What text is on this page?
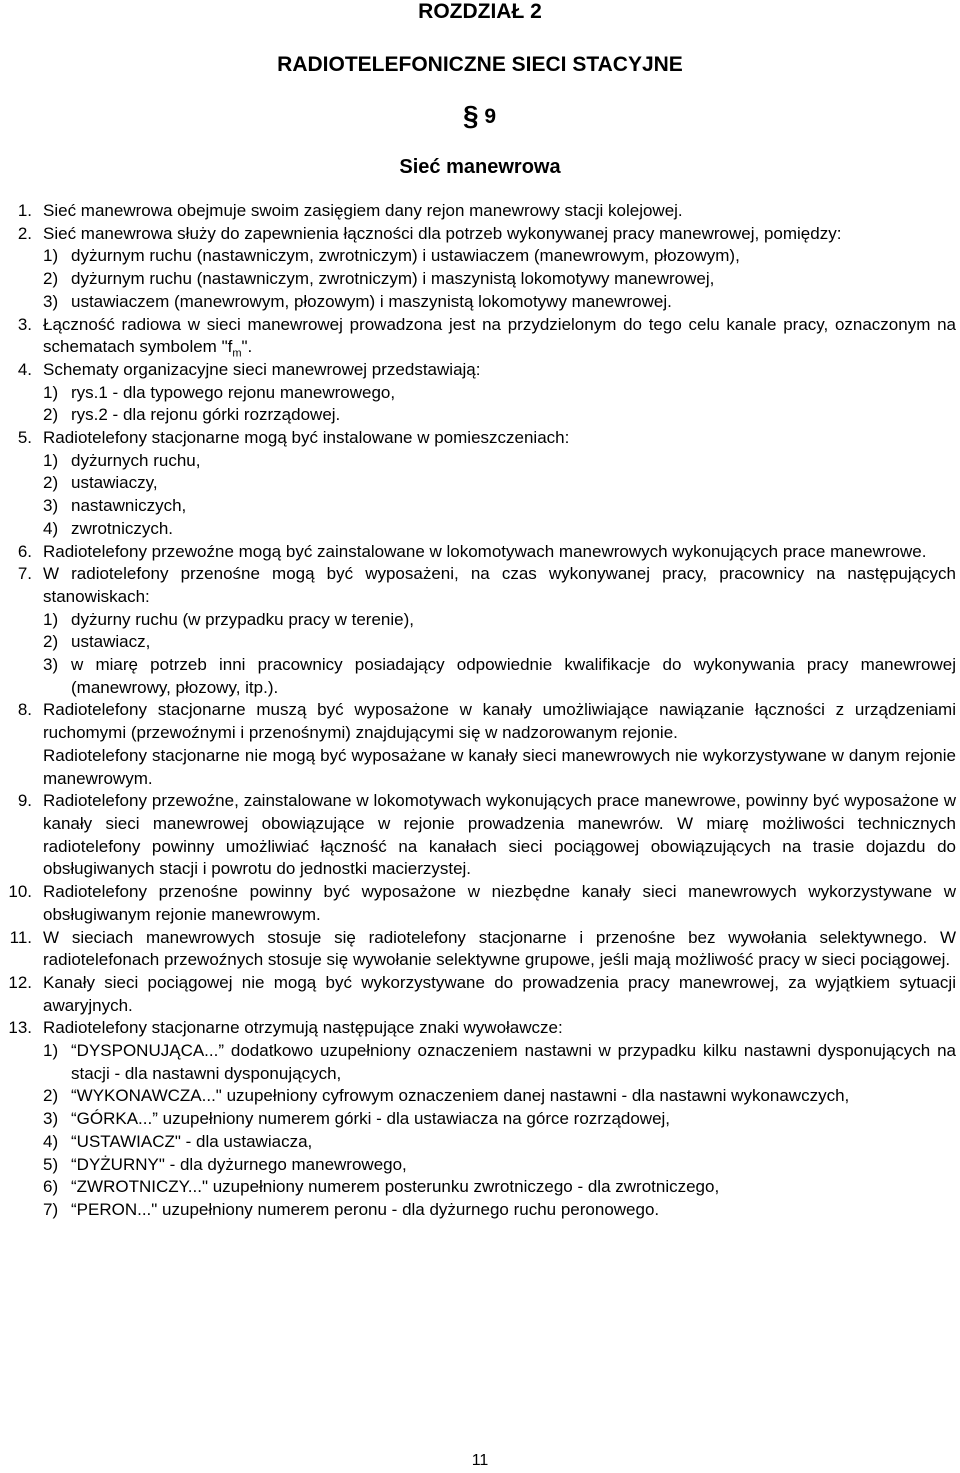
ROZDZIAŁ 2
RADIOTELEFONICZNE SIECI STACYJNE
§ 9
Sieć manewrowa
1. Sieć manewrowa obejmuje swoim zasięgiem dany rejon manewrowy stacji kolejowej.
2. Sieć manewrowa służy do zapewnienia łączności dla potrzeb wykonywanej pracy manewrowej, pomiędzy:
1) dyżurnym ruchu (nastawniczym, zwrotniczym) i ustawiaczem (manewrowym, płozowym),
2) dyżurnym ruchu (nastawniczym, zwrotniczym) i maszynistą lokomotywy manewrowej,
3) ustawiaczem (manewrowym, płozowym) i maszynistą lokomotywy manewrowej.
3. Łączność radiowa w sieci manewrowej prowadzona jest na przydzielonym do tego celu kanale pracy, oznaczonym na schematach symbolem "$f_m$".
4. Schematy organizacyjne sieci manewrowej przedstawiają:
1) rys.1 - dla typowego rejonu manewrowego,
2) rys.2 - dla rejonu górki rozrządowej.
5. Radiotelefony stacjonarne mogą być instalowane w pomieszczeniach:
1) dyżurnych ruchu,
2) ustawiaczy,
3) nastawniczych,
4) zwrotniczych.
6. Radiotelefony przewoźne mogą być zainstalowane w lokomotywach manewrowych wykonujących prace manewrowe.
7. W radiotelefony przenośne mogą być wyposażeni, na czas wykonywanej pracy, pracownicy na następujących stanowiskach:
1) dyżurny ruchu (w przypadku pracy w terenie),
2) ustawiacz,
3) w miarę potrzeb inni pracownicy posiadający odpowiednie kwalifikacje do wykonywania pracy manewrowej (manewrowy, płozowy, itp.).
8. Radiotelefony stacjonarne muszą być wyposażone w kanały umożliwiające nawiązanie łączności z urządzeniami ruchomymi (przewoźnymi i przenośnymi) znajdującymi się w nadzorowanym rejonie.
Radiotelefony stacjonarne nie mogą być wyposażane w kanały sieci manewrowych nie wykorzystywane w danym rejonie manewrowym.
9. Radiotelefony przewoźne, zainstalowane w lokomotywach wykonujących prace manewrowe, powinny być wyposażone w kanały sieci manewrowej obowiązujące w rejonie prowadzenia manewrów. W miarę możliwości technicznych radiotelefony powinny umożliwiać łączność na kanałach sieci pociągowej obowiązujących na trasie dojazdu do obsługiwanych stacji i powrotu do jednostki macierzystej.
10. Radiotelefony przenośne powinny być wyposażone w niezbędne kanały sieci manewrowych wykorzystywane w obsługiwanym rejonie manewrowym.
11. W sieciach manewrowych stosuje się radiotelefony stacjonarne i przenośne bez wywołania selektywnego. W radiotelefonach przewoźnych stosuje się wywołanie selektywne grupowe, jeśli mają możliwość pracy w sieci pociągowej.
12. Kanały sieci pociągowej nie mogą być wykorzystywane do prowadzenia pracy manewrowej, za wyjątkiem sytuacji awaryjnych.
13. Radiotelefony stacjonarne otrzymują następujące znaki wywoławcze:
1) “DYSPONUJĄCA...” dodatkowo uzupełniony oznaczeniem nastawni w przypadku kilku nastawni dysponujących na stacji - dla nastawni dysponujących,
2) “WYKONAWCZA..." uzupełniony cyfrowym oznaczeniem danej nastawni - dla nastawni wykonawczych,
3) “GÓRKA...” uzupełniony numerem górki - dla ustawiacza na górce rozrządowej,
4) “USTAWIACZ" - dla ustawiacza,
5) “DYŻURNY" - dla dyżurnego manewrowego,
6) “ZWROTNICZY..." uzupełniony numerem posterunku zwrotniczego - dla zwrotniczego,
7) “PERON..." uzupełniony numerem peronu - dla dyżurnego ruchu peronowego.
11
